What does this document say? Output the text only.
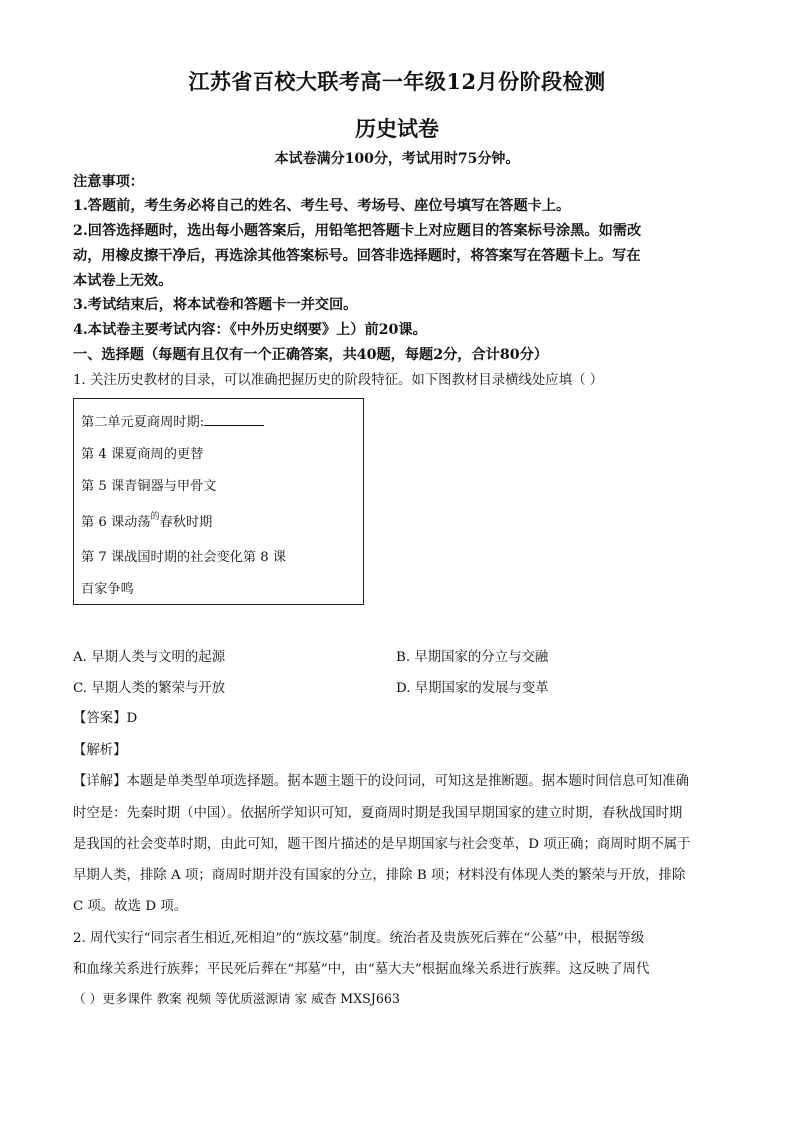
江苏省百校大联考高一年级12月份阶段检测
历史试卷
本试卷满分100分，考试用时75分钟。
注意事项：
1.答题前，考生务必将自己的姓名、考生号、考场号、座位号填写在答题卡上。
2.回答选择题时，选出每小题答案后，用铅笔把答题卡上对应题目的答案标号涂黑。如需改
动，用橡皮擦干净后，再选涂其他答案标号。回答非选择题时，将答案写在答题卡上。写在
本试卷上无效。
3.考试结束后，将本试卷和答题卡一并交回。
4.本试卷主要考试内容：《中外历史纲要》上）前20课。
一、选择题（每题有且仅有一个正确答案，共40题，每题2分，合计80分）
1. 关注历史教材的目录，可以准确把握历史的阶段特征。如下图教材目录横线处应填（ ）
第二单元夏商周时期:
第 4 课夏商周的更替
第 5 课青铜器与甲骨文
第 6 课动荡$^的$春秋时期
第 7 课战国时期的社会变化第 8 课
百家争鸣
A. 早期人类与文明的起源	B. 早期国家的分立与交融
C. 早期人类的繁荣与开放	D. 早期国家的发展与变革
【答案】D
【解析】
【详解】本题是单类型单项选择题。据本题主题干的设问词，可知这是推断题。据本题时间信息可知准确
时空是：先秦时期（中国）。依据所学知识可知，夏商周时期是我国早期国家的建立时期，春秋战国时期
是我国的社会变革时期，由此可知，题干图片描述的是早期国家与社会变革，D 项正确；商周时期不属于
早期人类，排除 A 项；商周时期并没有国家的分立，排除 B 项；材料没有体现人类的繁荣与开放，排除
C 项。故选 D 项。
2. 周代实行“同宗者生相近,死相迫”的“族坟墓”制度。统治者及贵族死后葬在“公墓”中，根据等级
和血缘关系进行族葬；平民死后葬在“邦墓”中，由“墓大夫”根据血缘关系进行族葬。这反映了周代
（ ）更多课件 教案 视频 等优质滋源请 家 威杳 MXSJ663
